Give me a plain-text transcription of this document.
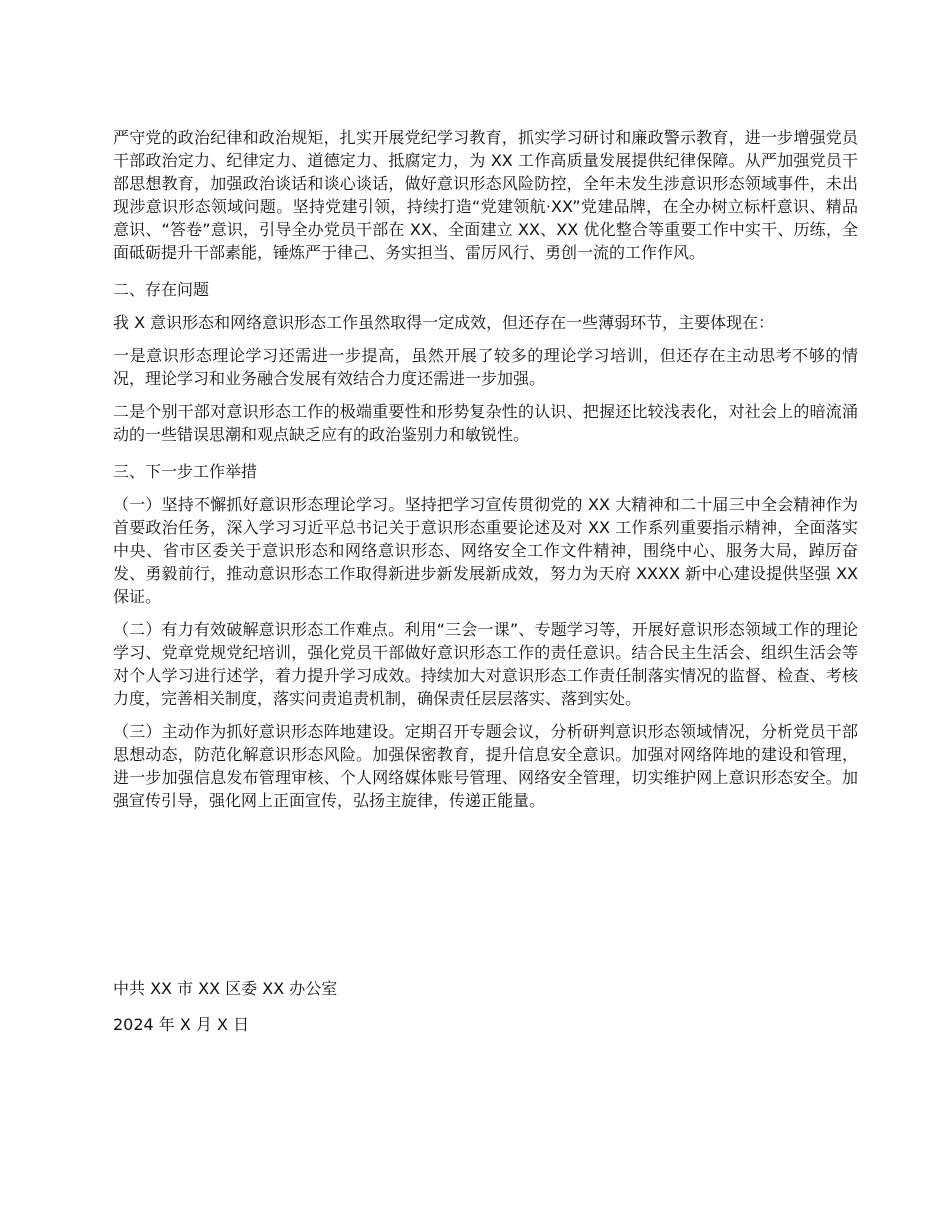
严守党的政治纪律和政治规矩，扎实开展党纪学习教育，抓实学习研讨和廉政警示教育，进一步增强党员干部政治定力、纪律定力、道德定力、抵腐定力，为 XX 工作高质量发展提供纪律保障。从严加强党员干部思想教育，加强政治谈话和谈心谈话，做好意识形态风险防控，全年未发生涉意识形态领域事件，未出现涉意识形态领域问题。坚持党建引领，持续打造“党建领航·XX”党建品牌，在全办树立标杆意识、精品意识、“答卷”意识，引导全办党员干部在 XX、全面建立 XX、XX 优化整合等重要工作中实干、历练，全面砥砺提升干部素能，锤炼严于律己、务实担当、雷厉风行、勇创一流的工作作风。

二、存在问题

我 X 意识形态和网络意识形态工作虽然取得一定成效，但还存在一些薄弱环节，主要体现在：

一是意识形态理论学习还需进一步提高，虽然开展了较多的理论学习培训，但还存在主动思考不够的情况，理论学习和业务融合发展有效结合力度还需进一步加强。

二是个别干部对意识形态工作的极端重要性和形势复杂性的认识、把握还比较浅表化，对社会上的暗流涌动的一些错误思潮和观点缺乏应有的政治鉴别力和敏锐性。

三、下一步工作举措

（一）坚持不懈抓好意识形态理论学习。坚持把学习宣传贯彻党的 XX 大精神和二十届三中全会精神作为首要政治任务，深入学习习近平总书记关于意识形态重要论述及对 XX 工作系列重要指示精神，全面落实中央、省市区委关于意识形态和网络意识形态、网络安全工作文件精神，围绕中心、服务大局，踔厉奋发、勇毅前行，推动意识形态工作取得新进步新发展新成效，努力为天府 XXXX 新中心建设提供坚强 XX 保证。

（二）有力有效破解意识形态工作难点。利用“三会一课”、专题学习等，开展好意识形态领域工作的理论学习、党章党规党纪培训，强化党员干部做好意识形态工作的责任意识。结合民主生活会、组织生活会等对个人学习进行述学，着力提升学习成效。持续加大对意识形态工作责任制落实情况的监督、检查、考核力度，完善相关制度，落实问责追责机制，确保责任层层落实、落到实处。

（三）主动作为抓好意识形态阵地建设。定期召开专题会议，分析研判意识形态领域情况，分析党员干部思想动态，防范化解意识形态风险。加强保密教育，提升信息安全意识。加强对网络阵地的建设和管理，进一步加强信息发布管理审核、个人网络媒体账号管理、网络安全管理，切实维护网上意识形态安全。加强宣传引导，强化网上正面宣传，弘扬主旋律，传递正能量。

中共 XX 市 XX 区委 XX 办公室

2024 年 X 月 X 日
